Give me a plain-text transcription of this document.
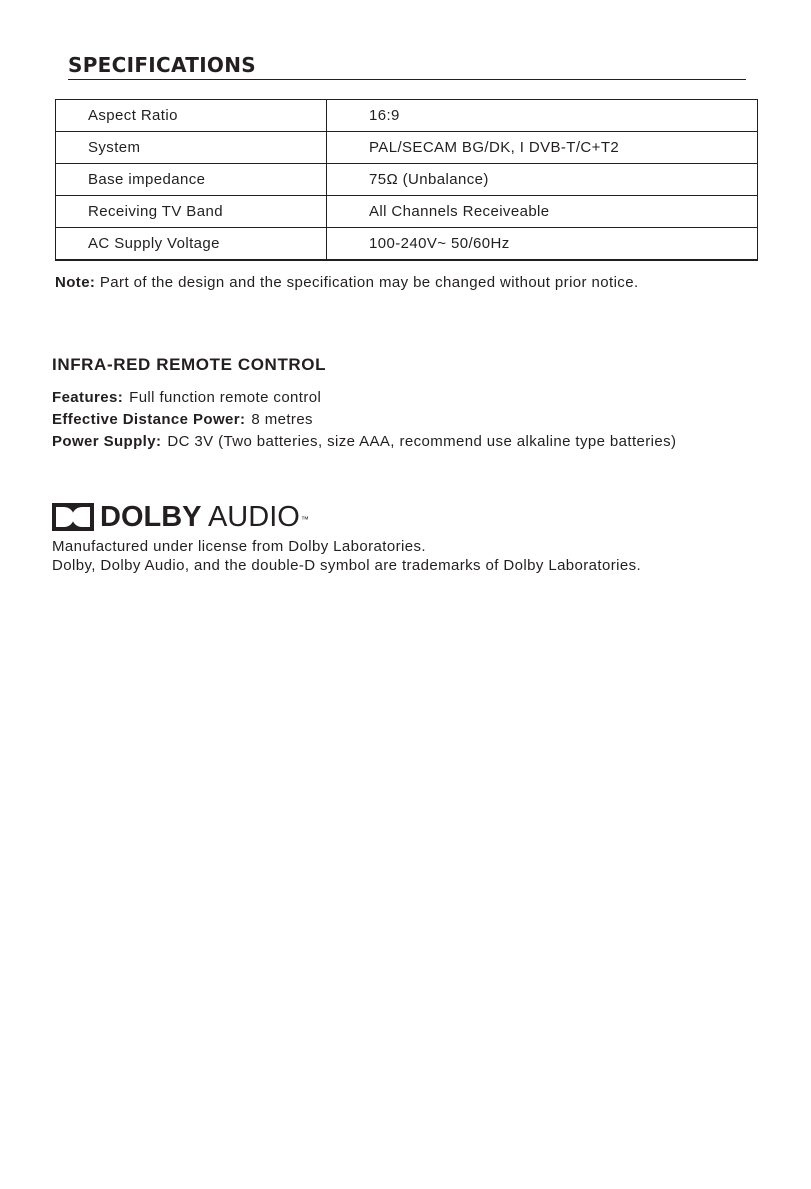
SPECIFICATIONS
Aspect Ratio	16:9
System	PAL/SECAM BG/DK, I DVB-T/C+T2
Base impedance	75Ω (Unbalance)
Receiving TV Band	All Channels Receiveable
AC Supply Voltage	100-240V~ 50/60Hz
Note: Part of the design and the specification may be changed without prior notice.
INFRA-RED REMOTE CONTROL
Features: Full function remote control
Effective Distance Power: 8 metres
Power Supply: DC 3V (Two batteries, size AAA, recommend use alkaline type batteries)
DOLBY AUDIO™
Manufactured under license from Dolby Laboratories.
Dolby, Dolby Audio, and the double-D symbol are trademarks of Dolby Laboratories.
